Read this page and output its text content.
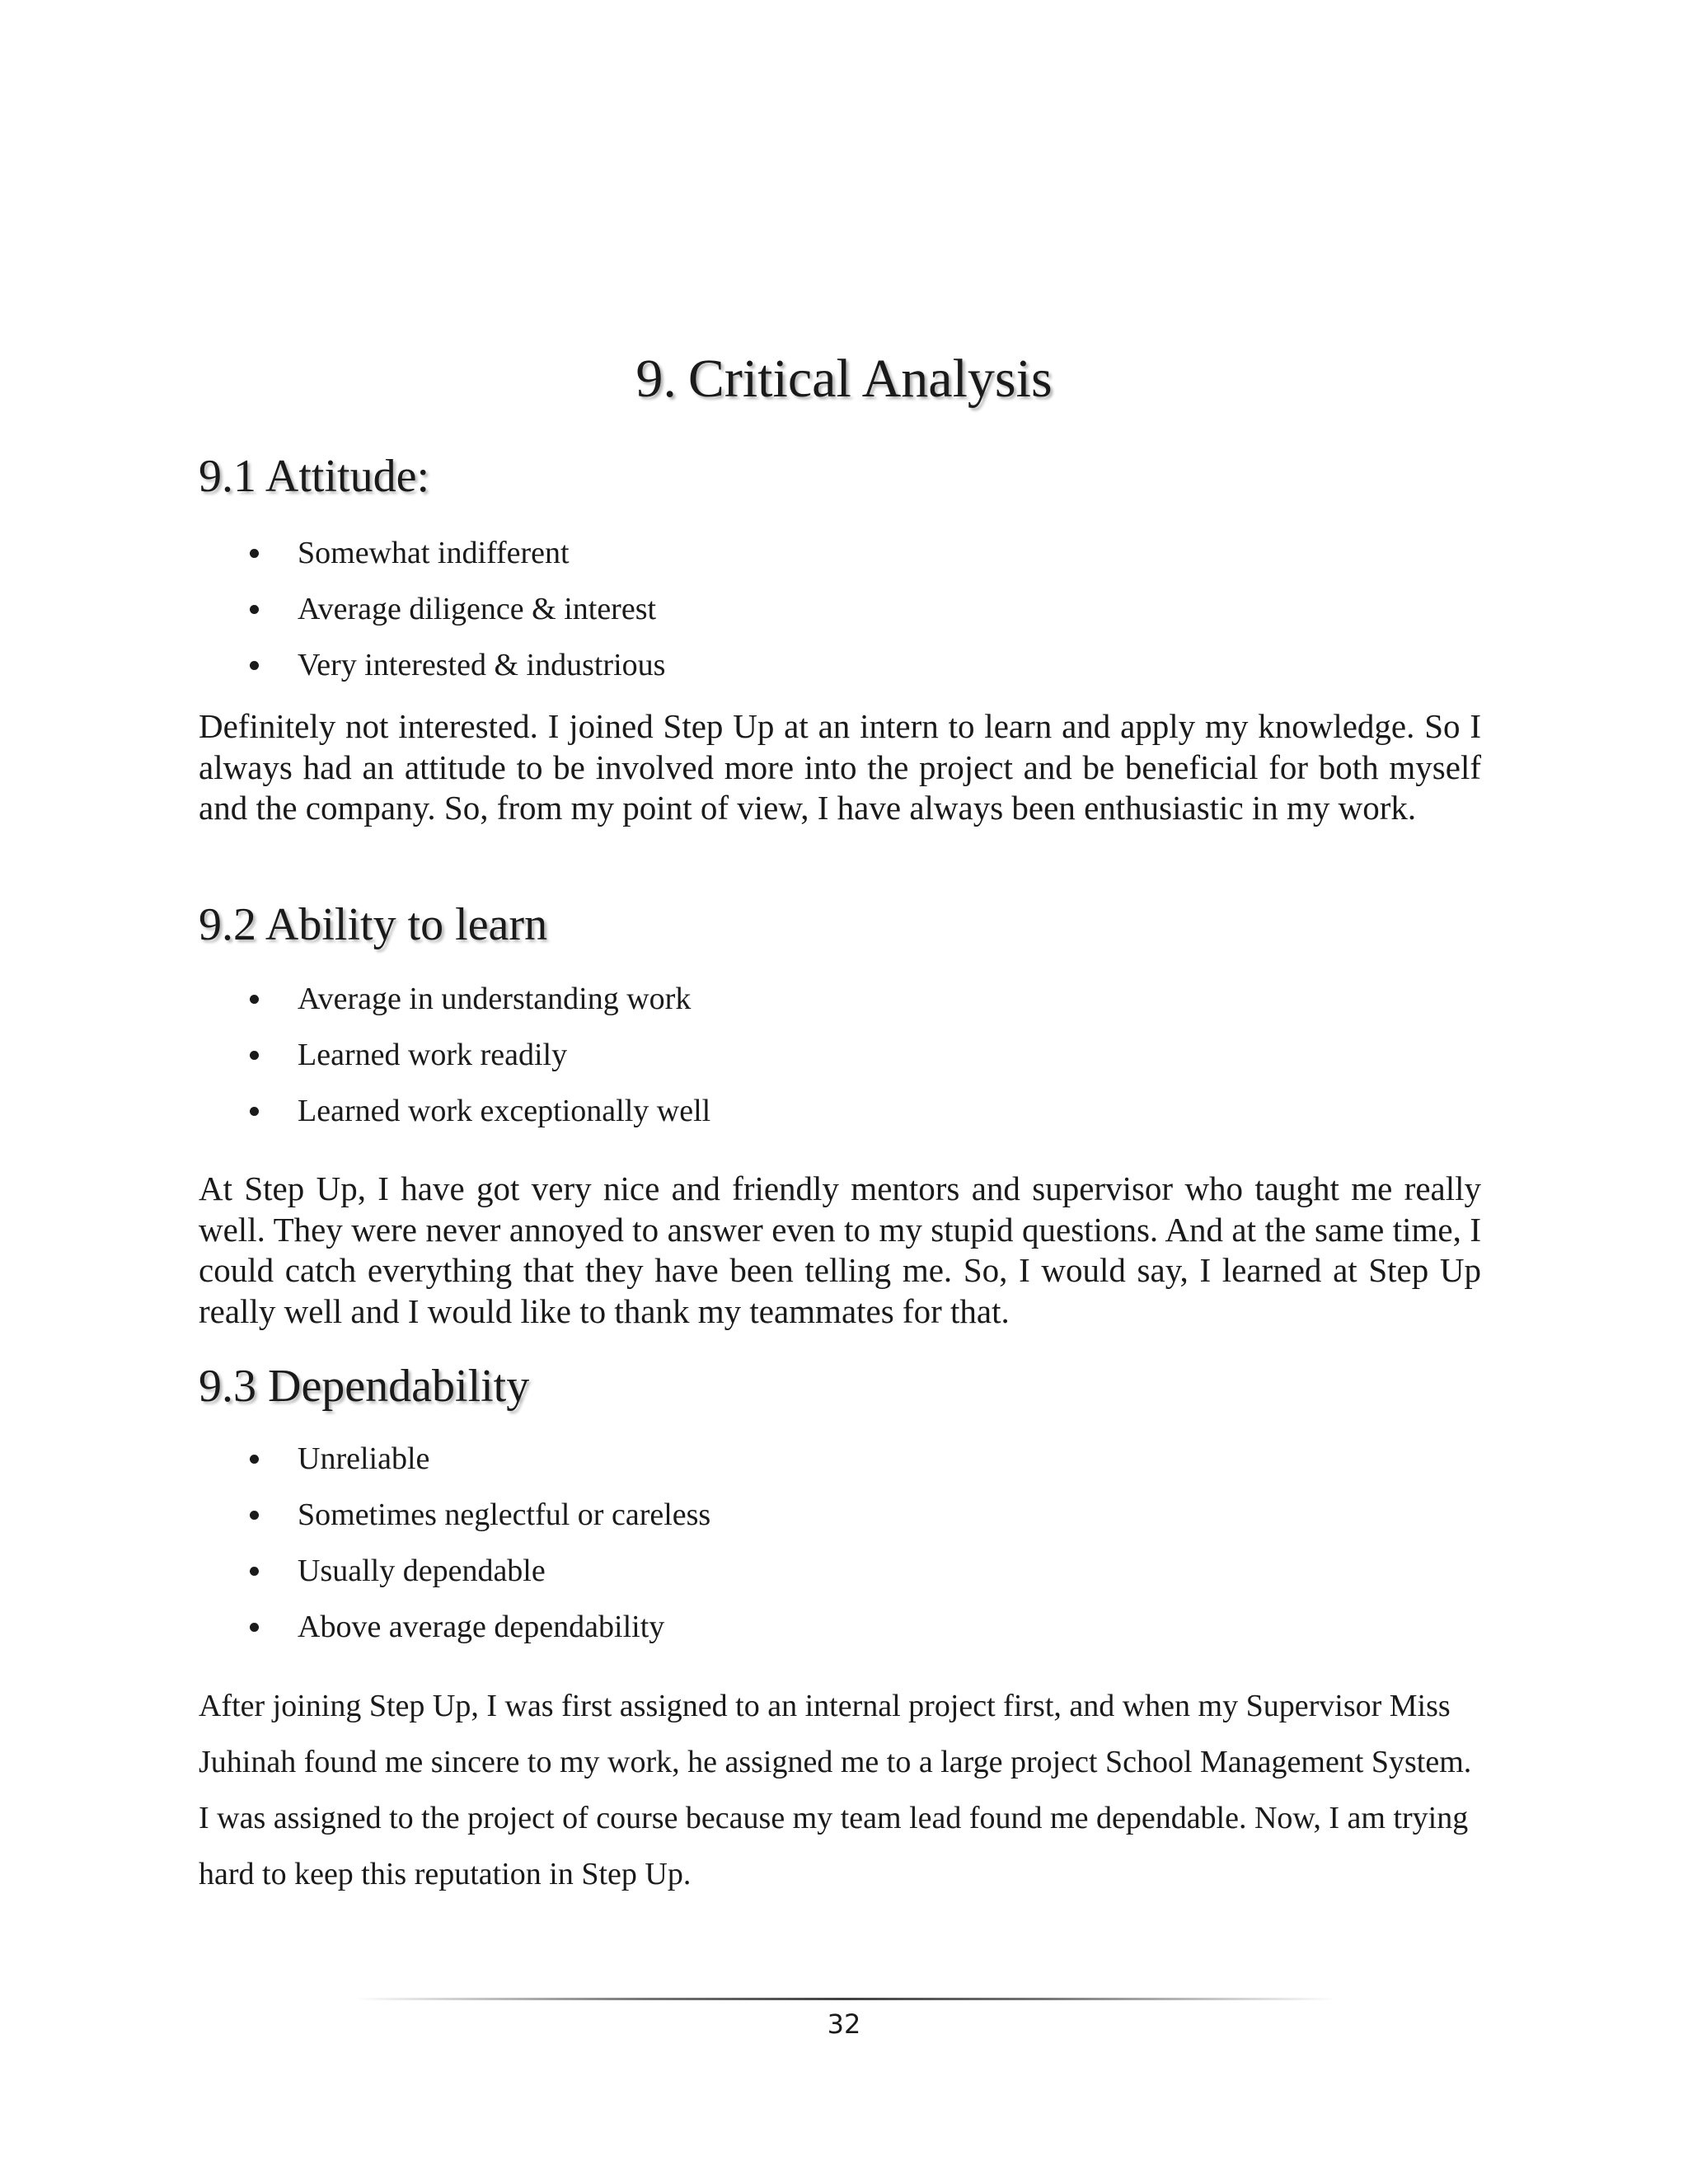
9. Critical Analysis
9.1 Attitude:
Somewhat indifferent
Average diligence & interest
Very interested & industrious

Definitely not interested. I joined Step Up at an intern to learn and apply my knowledge. So I always had an attitude to be involved more into the project and be beneficial for both myself and the company. So, from my point of view, I have always been enthusiastic in my work.

9.2 Ability to learn
Average in understanding work
Learned work readily
Learned work exceptionally well

At Step Up, I have got very nice and friendly mentors and supervisor who taught me really well. They were never annoyed to answer even to my stupid questions. And at the same time, I could catch everything that they have been telling me. So, I would say, I learned at Step Up really well and I would like to thank my teammates for that.

9.3 Dependability
Unreliable
Sometimes neglectful or careless
Usually dependable
Above average dependability

After joining Step Up, I was first assigned to an internal project first, and when my Supervisor Miss Juhinah found me sincere to my work, he assigned me to a large project School Management System. I was assigned to the project of course because my team lead found me dependable. Now, I am trying hard to keep this reputation in Step Up.

32
